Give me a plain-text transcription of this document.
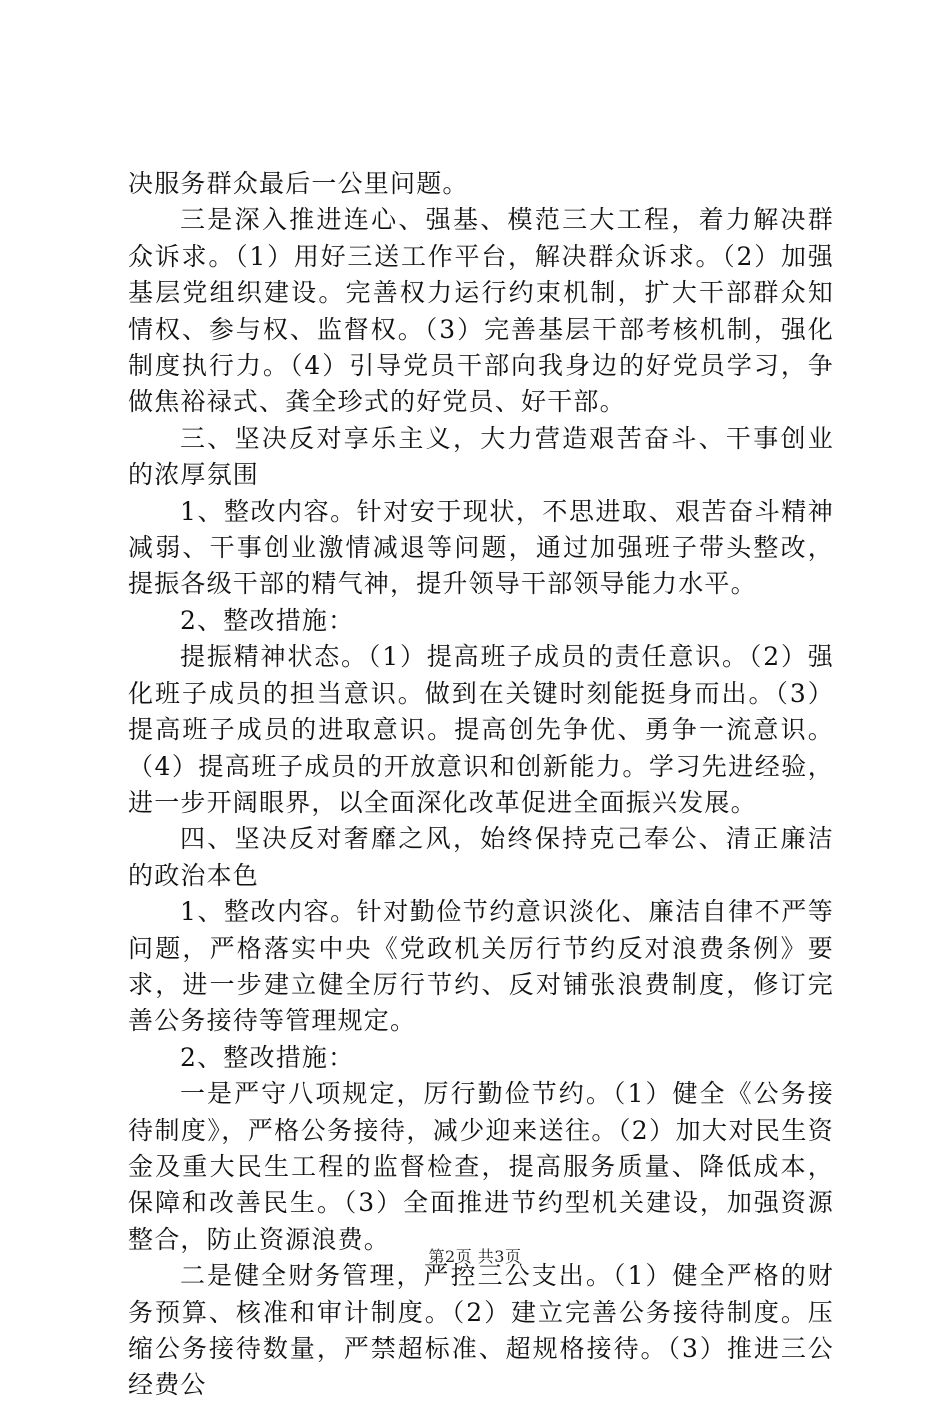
决服务群众最后一公里问题。

三是深入推进连心、强基、模范三大工程，着力解决群众诉求。（1）用好三送工作平台，解决群众诉求。（2）加强基层党组织建设。完善权力运行约束机制，扩大干部群众知情权、参与权、监督权。（3）完善基层干部考核机制，强化制度执行力。（4）引导党员干部向我身边的好党员学习，争做焦裕禄式、龚全珍式的好党员、好干部。

三、坚决反对享乐主义，大力营造艰苦奋斗、干事创业的浓厚氛围

1、整改内容。针对安于现状，不思进取、艰苦奋斗精神减弱、干事创业激情减退等问题，通过加强班子带头整改，提振各级干部的精气神，提升领导干部领导能力水平。

2、整改措施：

提振精神状态。（1）提高班子成员的责任意识。（2）强化班子成员的担当意识。做到在关键时刻能挺身而出。（3）提高班子成员的进取意识。提高创先争优、勇争一流意识。（4）提高班子成员的开放意识和创新能力。学习先进经验，进一步开阔眼界，以全面深化改革促进全面振兴发展。

四、坚决反对奢靡之风，始终保持克己奉公、清正廉洁的政治本色

1、整改内容。针对勤俭节约意识淡化、廉洁自律不严等问题，严格落实中央《党政机关厉行节约反对浪费条例》要求，进一步建立健全厉行节约、反对铺张浪费制度，修订完善公务接待等管理规定。

2、整改措施：

一是严守八项规定，厉行勤俭节约。（1）健全《公务接待制度》，严格公务接待，减少迎来送往。（2）加大对民生资金及重大民生工程的监督检查，提高服务质量、降低成本，保障和改善民生。（3）全面推进节约型机关建设，加强资源整合，防止资源浪费。

二是健全财务管理，严控三公支出。（1）健全严格的财务预算、核准和审计制度。（2）建立完善公务接待制度。压缩公务接待数量，严禁超标准、超规格接待。（3）推进三公经费公

第2页 共3页
